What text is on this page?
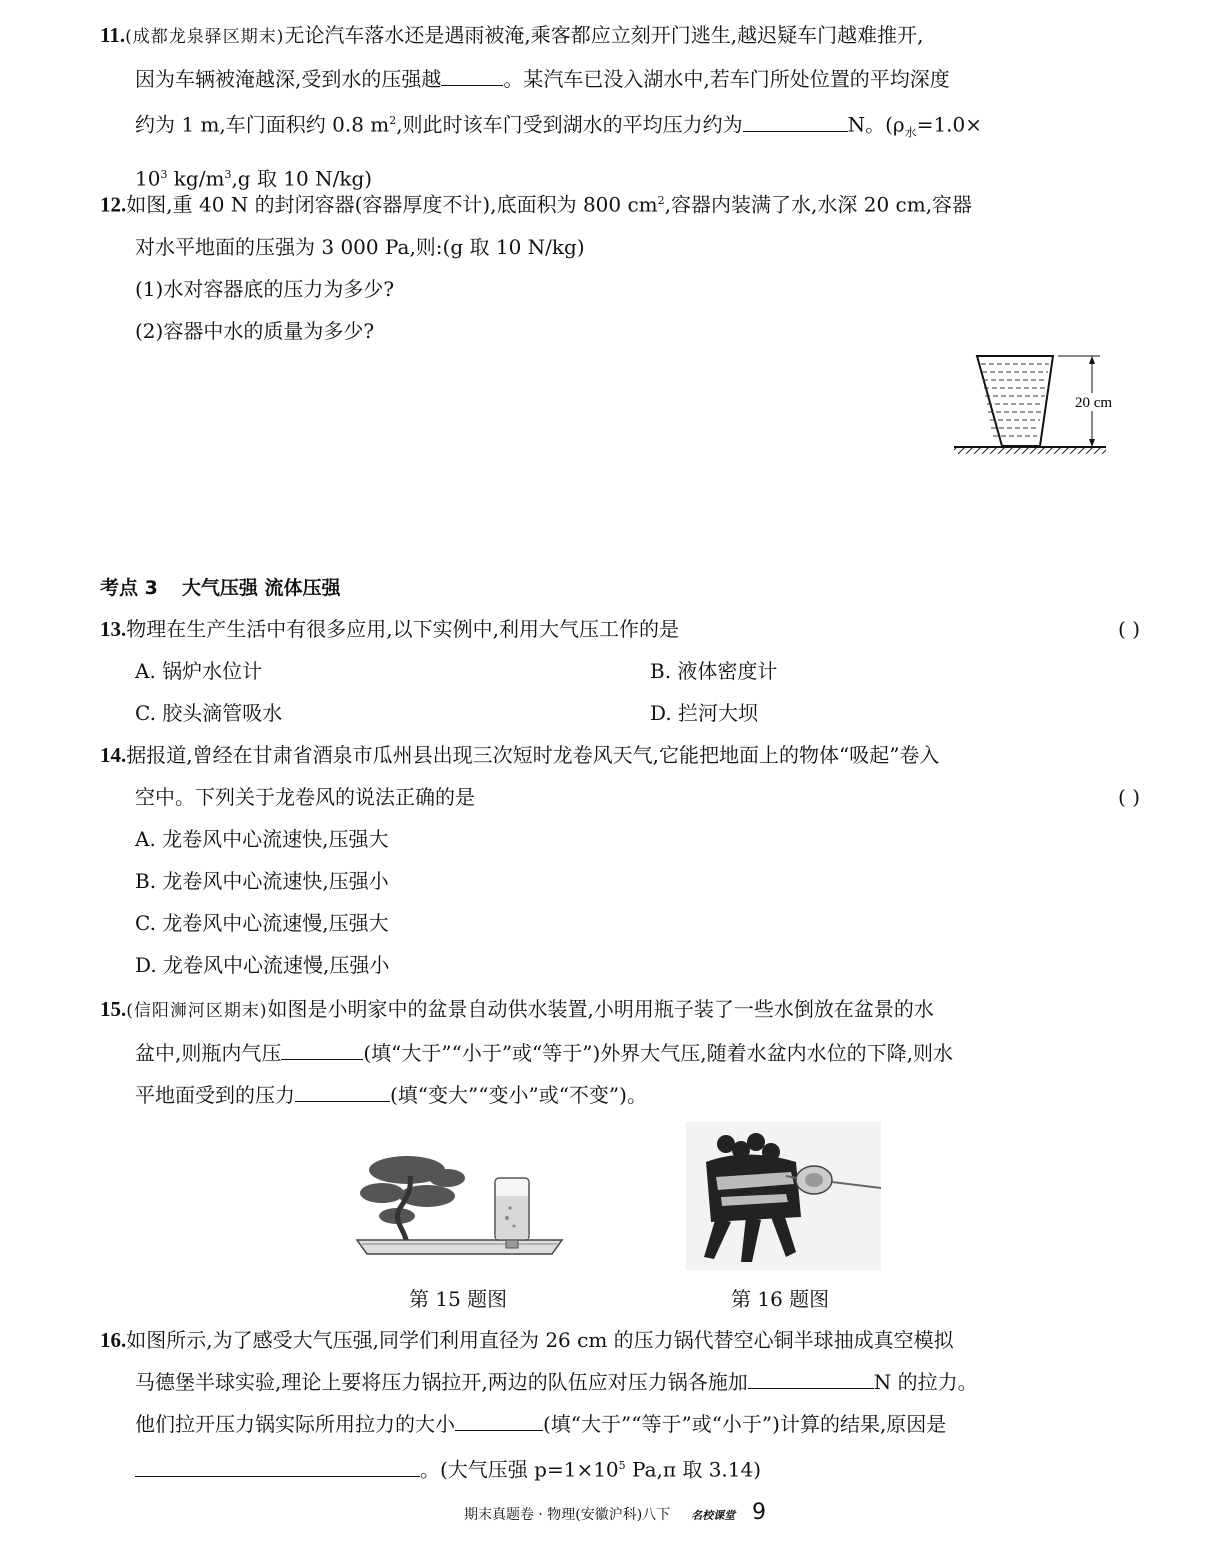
11.(成都龙泉驿区期末)无论汽车落水还是遇雨被淹,乘客都应立刻开门逃生,越迟疑车门越难推开,
因为车辆被淹越深,受到水的压强越	。某汽车已没入湖水中,若车门所处位置的平均深度
约为 1 m,车门面积约 0.8 $m^2$,则此时该车门受到湖水的平均压力约为	N。($\rho_水=1.0\times$
$10^3$ $kg/m^3,g$ 取 10 N/kg)
12.如图,重 40 N 的封闭容器(容器厚度不计),底面积为 800 $cm^2$,容器内装满了水,水深 20 cm,容器
对水平地面的压强为 3 000 Pa,则:(g 取 10 N/kg)
(1)水对容器底的压力为多少?
(2)容器中水的质量为多少?
20 cm
考点 3 大气压强 流体压强
13.物理在生产生活中有很多应用,以下实例中,利用大气压工作的是	( )
A. 锅炉水位计	B. 液体密度计
C. 胶头滴管吸水	D. 拦河大坝
14.据报道,曾经在甘肃省酒泉市瓜州县出现三次短时龙卷风天气,它能把地面上的物体“吸起”卷入
空中。下列关于龙卷风的说法正确的是	( )
A. 龙卷风中心流速快,压强大
B. 龙卷风中心流速快,压强小
C. 龙卷风中心流速慢,压强大
D. 龙卷风中心流速慢,压强小
15.(信阳浉河区期末)如图是小明家中的盆景自动供水装置,小明用瓶子装了一些水倒放在盆景的水
盆中,则瓶内气压	(填“大于”“小于”或“等于”)外界大气压,随着水盆内水位的下降,则水
平地面受到的压力	(填“变大”“变小”或“不变”)。
第 15 题图	第 16 题图
16.如图所示,为了感受大气压强,同学们利用直径为 26 cm 的压力锅代替空心铜半球抽成真空模拟
马德堡半球实验,理论上要将压力锅拉开,两边的队伍应对压力锅各施加	N 的拉力。
他们拉开压力锅实际所用拉力的大小	(填“大于”“等于”或“小于”)计算的结果,原因是
。(大气压强 $p=1\times 10^5$ Pa,π 取 3.14)
期末真题卷 · 物理(安徽沪科)八下 名校课堂 9
